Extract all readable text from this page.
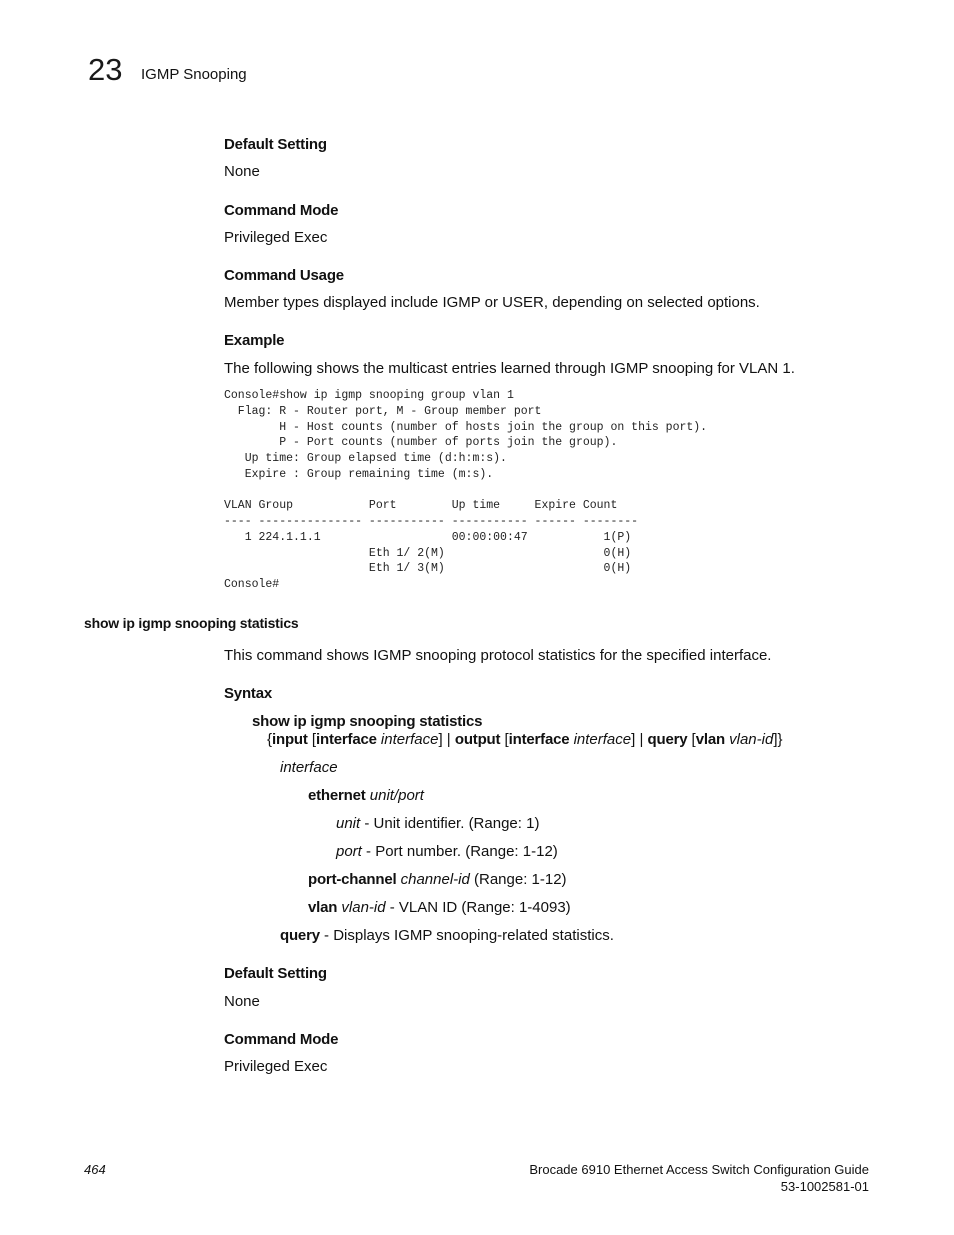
23 IGMP Snooping
Default Setting
None
Command Mode
Privileged Exec
Command Usage
Member types displayed include IGMP or USER, depending on selected options.
Example
The following shows the multicast entries learned through IGMP snooping for VLAN 1.
Console#show ip igmp snooping group vlan 1
Flag: R - Router port, M - Group member port
H - Host counts (number of hosts join the group on this port).
P - Port counts (number of ports join the group).
Up time: Group elapsed time (d:h:m:s).
Expire : Group remaining time (m:s).

VLAN Group           Port        Up time     Expire Count
---- --------------- ----------- ----------- ------ --------
1 224.1.1.1                   00:00:00:47           1(P)
Eth 1/ 2(M)                       0(H)
Eth 1/ 3(M)                       0(H)
Console#
show ip igmp snooping statistics
This command shows IGMP snooping protocol statistics for the specified interface.
Syntax
show ip igmp snooping statistics
{input [interface interface] | output [interface interface] | query [vlan vlan-id]}
interface
ethernet unit/port
unit - Unit identifier. (Range: 1)
port - Port number. (Range: 1-12)
port-channel channel-id (Range: 1-12)
vlan vlan-id - VLAN ID (Range: 1-4093)
query - Displays IGMP snooping-related statistics.
Default Setting
None
Command Mode
Privileged Exec
464	Brocade 6910 Ethernet Access Switch Configuration Guide
53-1002581-01
